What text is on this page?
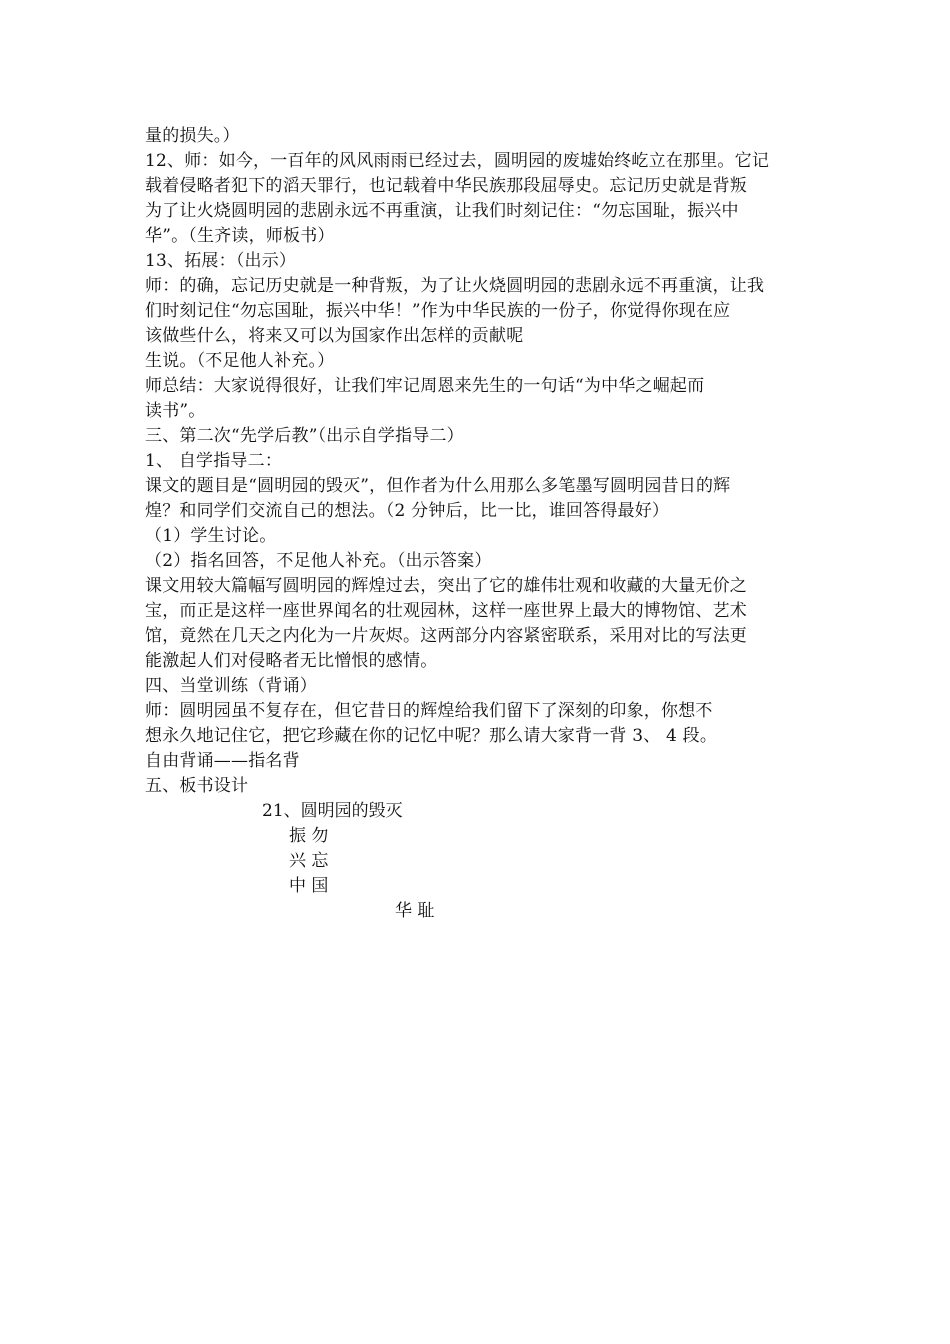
量的损失。）
12、师：如今，一百年的风风雨雨已经过去，圆明园的废墟始终屹立在那里。它记
载着侵略者犯下的滔天罪行，也记载着中华民族那段屈辱史。忘记历史就是背叛
为了让火烧圆明园的悲剧永远不再重演，让我们时刻记住：“勿忘国耻，振兴中
华”。（生齐读，师板书）
13、拓展：（出示）
师：的确，忘记历史就是一种背叛，为了让火烧圆明园的悲剧永远不再重演，让我
们时刻记住“勿忘国耻，振兴中华！”作为中华民族的一份子，你觉得你现在应
该做些什么，将来又可以为国家作出怎样的贡献呢
生说。（不足他人补充。）
师总结：大家说得很好，让我们牢记周恩来先生的一句话“为中华之崛起而
读书”。
三、第二次“先学后教”（出示自学指导二）
1、 自学指导二：
课文的题目是“圆明园的毁灭”，但作者为什么用那么多笔墨写圆明园昔日的辉
煌？和同学们交流自己的想法。（2 分钟后，比一比，谁回答得最好）
（1）学生讨论。
（2）指名回答，不足他人补充。（出示答案）
课文用较大篇幅写圆明园的辉煌过去，突出了它的雄伟壮观和收藏的大量无价之
宝，而正是这样一座世界闻名的壮观园林，这样一座世界上最大的博物馆、艺术
馆，竟然在几天之内化为一片灰烬。这两部分内容紧密联系，采用对比的写法更
能激起人们对侵略者无比憎恨的感情。
四、当堂训练（背诵）
师：圆明园虽不复存在，但它昔日的辉煌给我们留下了深刻的印象，你想不
想永久地记住它，把它珍藏在你的记忆中呢？那么请大家背一背 3、 4 段。
自由背诵——指名背
五、板书设计
21、圆明园的毁灭
振 勿
兴 忘
中 国
华 耻
